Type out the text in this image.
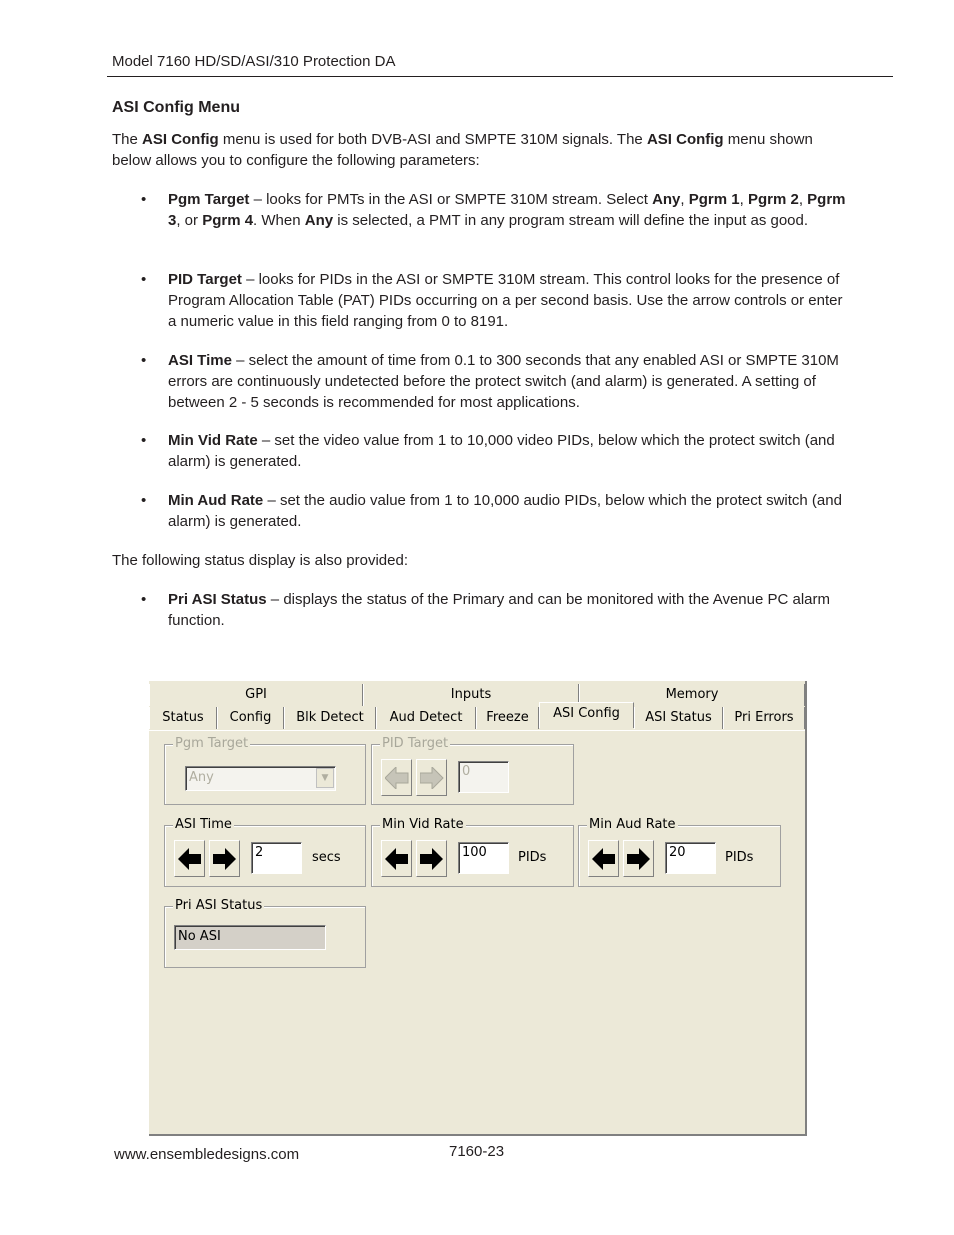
Model 7160 HD/SD/ASI/310 Protection DA
ASI Config Menu
The ASI Config menu is used for both DVB-ASI and SMPTE 310M signals. The ASI Config menu shown below allows you to configure the following parameters:
• Pgm Target – looks for PMTs in the ASI or SMPTE 310M stream. Select Any, Pgrm 1, Pgrm 2, Pgrm 3, or Pgrm 4. When Any is selected, a PMT in any program stream will define the input as good.
• PID Target – looks for PIDs in the ASI or SMPTE 310M stream. This control looks for the presence of Program Allocation Table (PAT) PIDs occurring on a per second basis. Use the arrow controls or enter a numeric value in this field ranging from 0 to 8191.
• ASI Time – select the amount of time from 0.1 to 300 seconds that any enabled ASI or SMPTE 310M errors are continuously undetected before the protect switch (and alarm) is generated. A setting of between 2 - 5 seconds is recommended for most applications.
• Min Vid Rate – set the video value from 1 to 10,000 video PIDs, below which the protect switch (and alarm) is generated.
• Min Aud Rate – set the audio value from 1 to 10,000 audio PIDs, below which the protect switch (and alarm) is generated.
The following status display is also provided:
• Pri ASI Status – displays the status of the Primary and can be monitored with the Avenue PC alarm function.
GPI	Inputs	Memory
Status	Config	Blk Detect	Aud Detect	Freeze	ASI Config	ASI Status	Pri Errors
Pgm Target
Any	▼
PID Target
0
ASI Time
2	secs
Min Vid Rate
100	PIDs
Min Aud Rate
20	PIDs
Pri ASI Status
No ASI
www.ensembledesigns.com	7160-23
